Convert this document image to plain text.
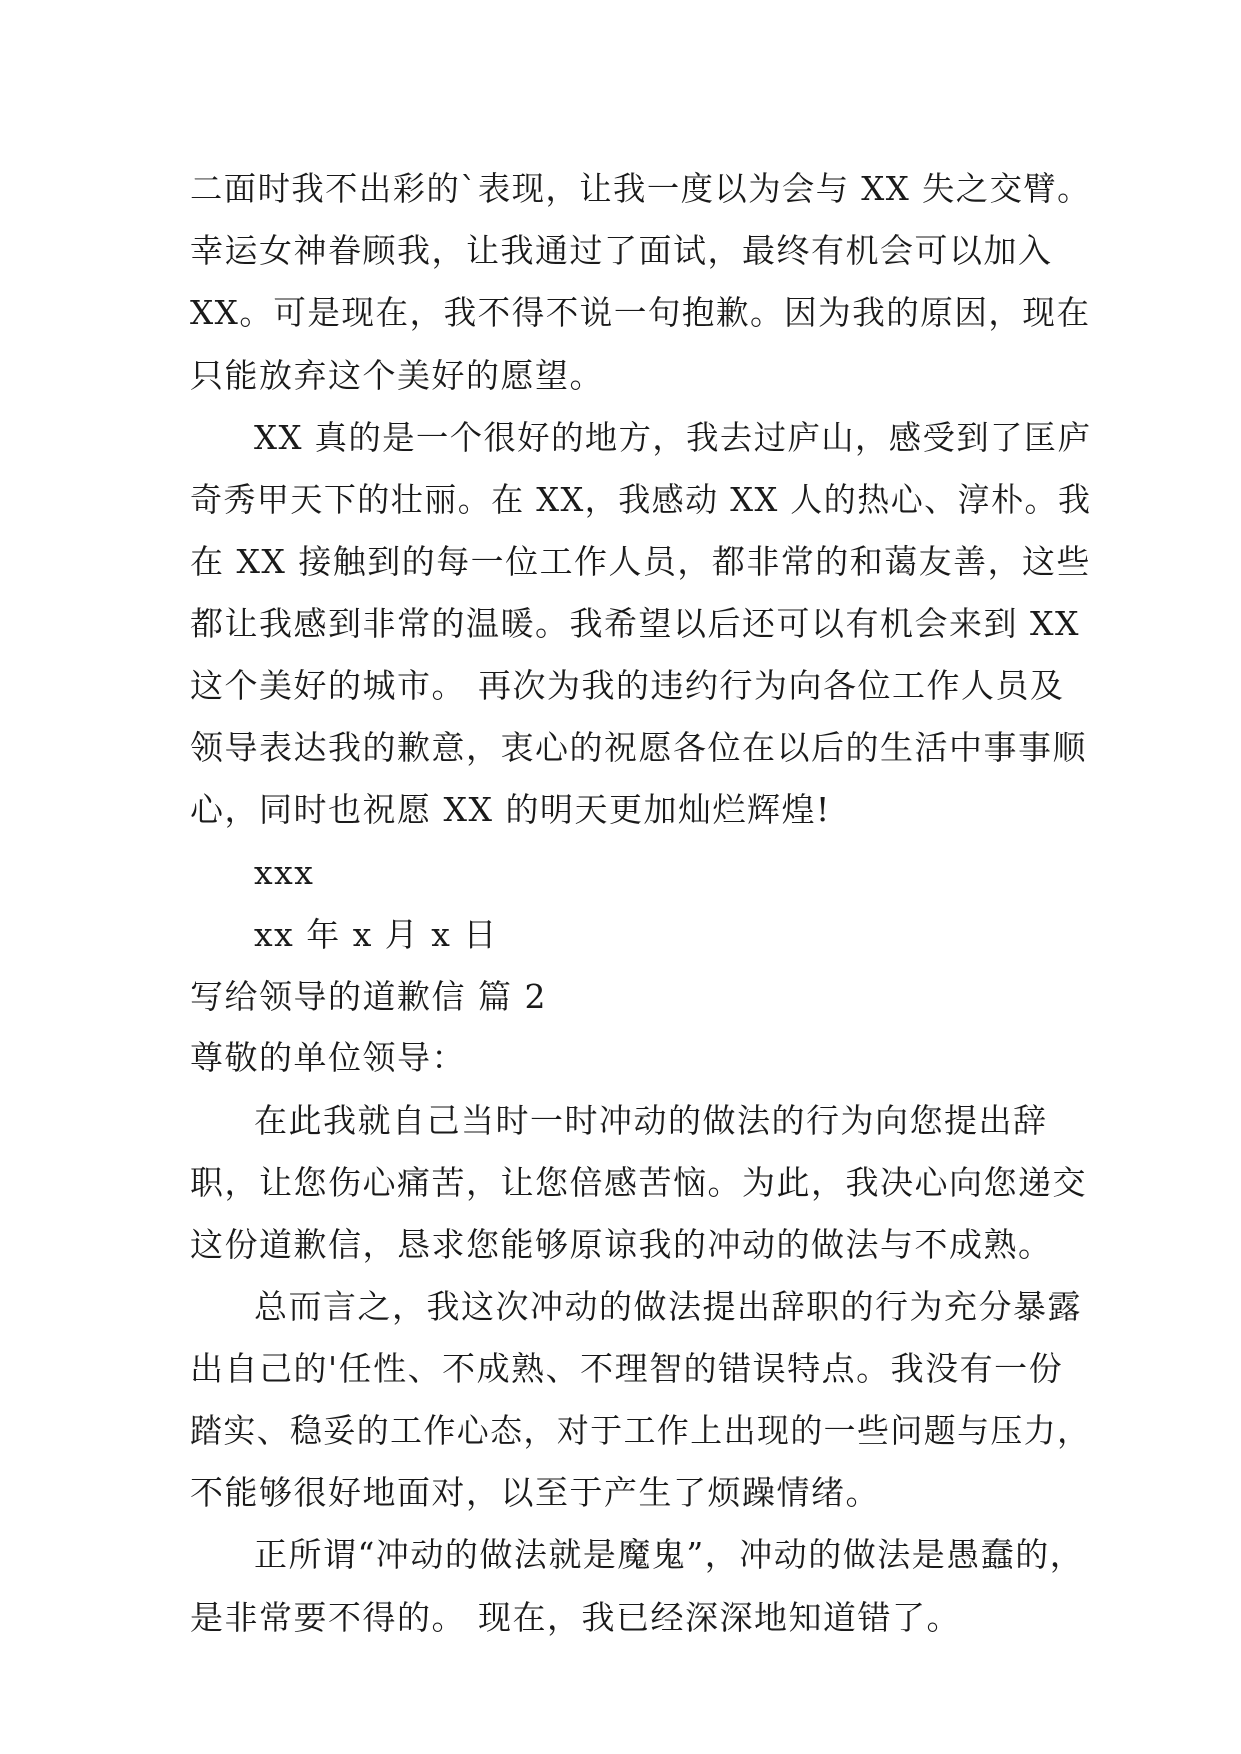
二面时我不出彩的`表现，让我一度以为会与 XX 失之交臂。
幸运女神眷顾我，让我通过了面试，最终有机会可以加入
XX。可是现在，我不得不说一句抱歉。因为我的原因，现在
只能放弃这个美好的愿望。
XX 真的是一个很好的地方，我去过庐山，感受到了匡庐
奇秀甲天下的壮丽。在 XX，我感动 XX 人的热心、淳朴。我
在 XX 接触到的每一位工作人员，都非常的和蔼友善，这些
都让我感到非常的温暖。我希望以后还可以有机会来到 XX
这个美好的城市。 再次为我的违约行为向各位工作人员及
领导表达我的歉意，衷心的祝愿各位在以后的生活中事事顺
心，同时也祝愿 XX 的明天更加灿烂辉煌!
xxx
xx 年 x 月 x 日
写给领导的道歉信 篇 2
尊敬的单位领导：
在此我就自己当时一时冲动的做法的行为向您提出辞
职，让您伤心痛苦，让您倍感苦恼。为此，我决心向您递交
这份道歉信，恳求您能够原谅我的冲动的做法与不成熟。
总而言之，我这次冲动的做法提出辞职的行为充分暴露
出自己的'任性、不成熟、不理智的错误特点。我没有一份
踏实、稳妥的工作心态，对于工作上出现的一些问题与压力，
不能够很好地面对，以至于产生了烦躁情绪。
正所谓“冲动的做法就是魔鬼”，冲动的做法是愚蠢的，
是非常要不得的。 现在，我已经深深地知道错了。
